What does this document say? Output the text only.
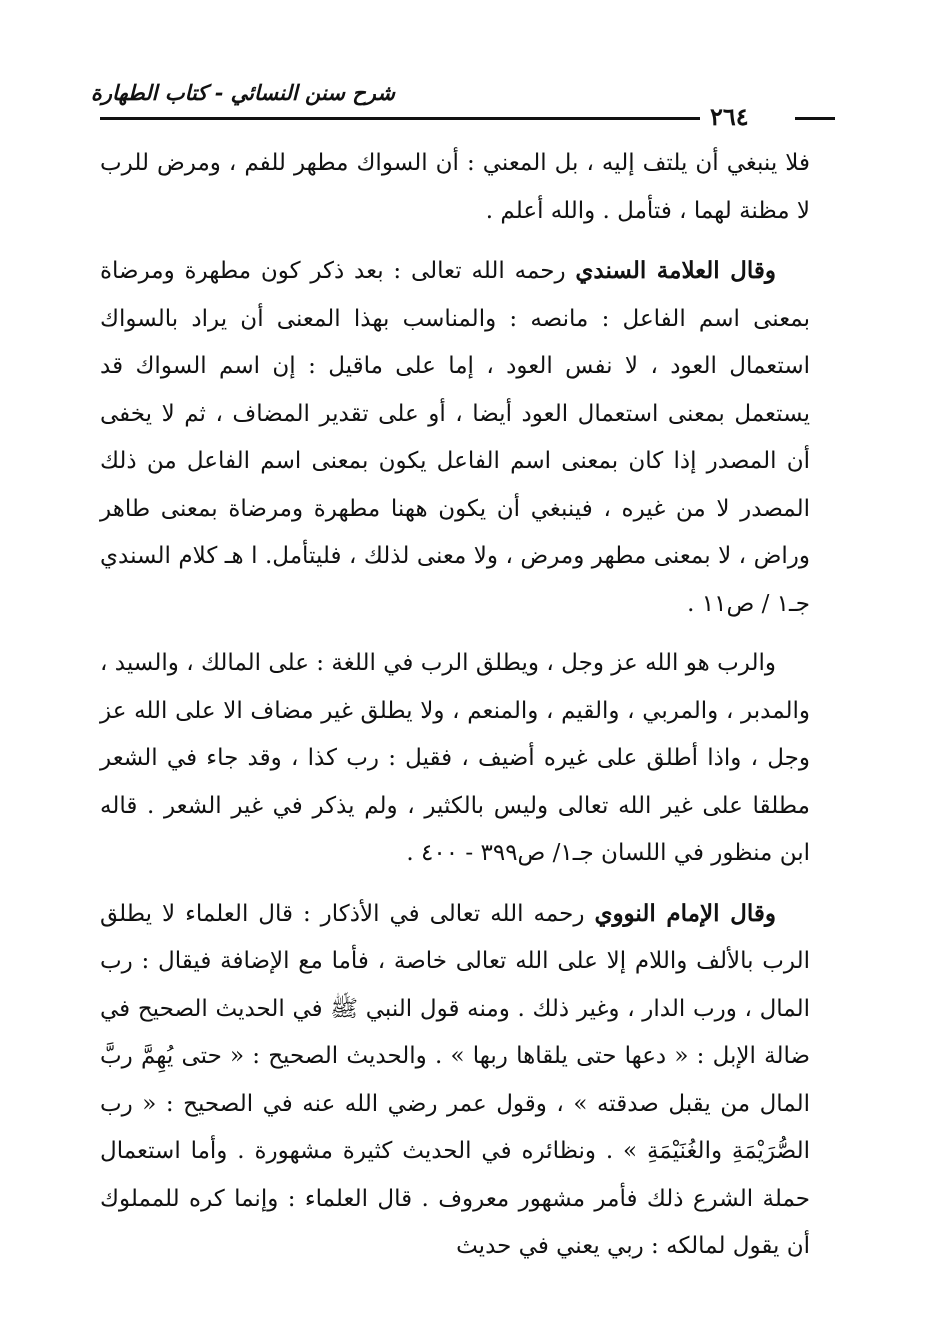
شرح سنن النسائي - كتاب الطهارة
٢٦٤

فلا ينبغي أن يلتف إليه ، بل المعني : أن السواك مطهر للفم ، ومرض للرب لا مظنة لهما ، فتأمل . والله أعلم .

وقال العلامة السندي رحمه الله تعالى : بعد ذكر كون مطهرة ومرضاة بمعنى اسم الفاعل : مانصه : والمناسب بهذا المعنى أن يراد بالسواك استعمال العود ، لا نفس العود ، إما على ماقيل : إن اسم السواك قد يستعمل بمعنى استعمال العود أيضا ، أو على تقدير المضاف ، ثم لا يخفى أن المصدر إذا كان بمعنى اسم الفاعل يكون بمعنى اسم الفاعل من ذلك المصدر لا من غيره ، فينبغي أن يكون ههنا مطهرة ومرضاة بمعنى طاهر وراض ، لا بمعنى مطهر ومرض ، ولا معنى لذلك ، فليتأمل. ا هـ كلام السندي جـ١ / ص١١ .

والرب هو الله عز وجل ، ويطلق الرب في اللغة : على المالك ، والسيد ، والمدبر ، والمربي ، والقيم ، والمنعم ، ولا يطلق غير مضاف الا على الله عز وجل ، واذا أطلق على غيره أضيف ، فقيل : رب كذا ، وقد جاء في الشعر مطلقا على غير الله تعالى وليس بالكثير ، ولم يذكر في غير الشعر . قاله ابن منظور في اللسان جـ١/ ص٣٩٩ - ٤٠٠ .

وقال الإمام النووي رحمه الله تعالى في الأذكار : قال العلماء لا يطلق الرب بالألف واللام إلا على الله تعالى خاصة ، فأما مع الإضافة فيقال : رب المال ، ورب الدار ، وغير ذلك . ومنه قول النبي ﷺ في الحديث الصحيح في ضالة الإبل : « دعها حتى يلقاها ربها » . والحديث الصحيح : « حتى يُهِمَّ ربَّ المال من يقبل صدقته » ، وقول عمر رضي الله عنه في الصحيح : « رب الصُّرَيْمَةِ والغُنَيْمَةِ » . ونظائره في الحديث كثيرة مشهورة . وأما استعمال حملة الشرع ذلك فأمر مشهور معروف . قال العلماء : وإنما كره للمملوك أن يقول لمالكه : ربي يعني في حديث
